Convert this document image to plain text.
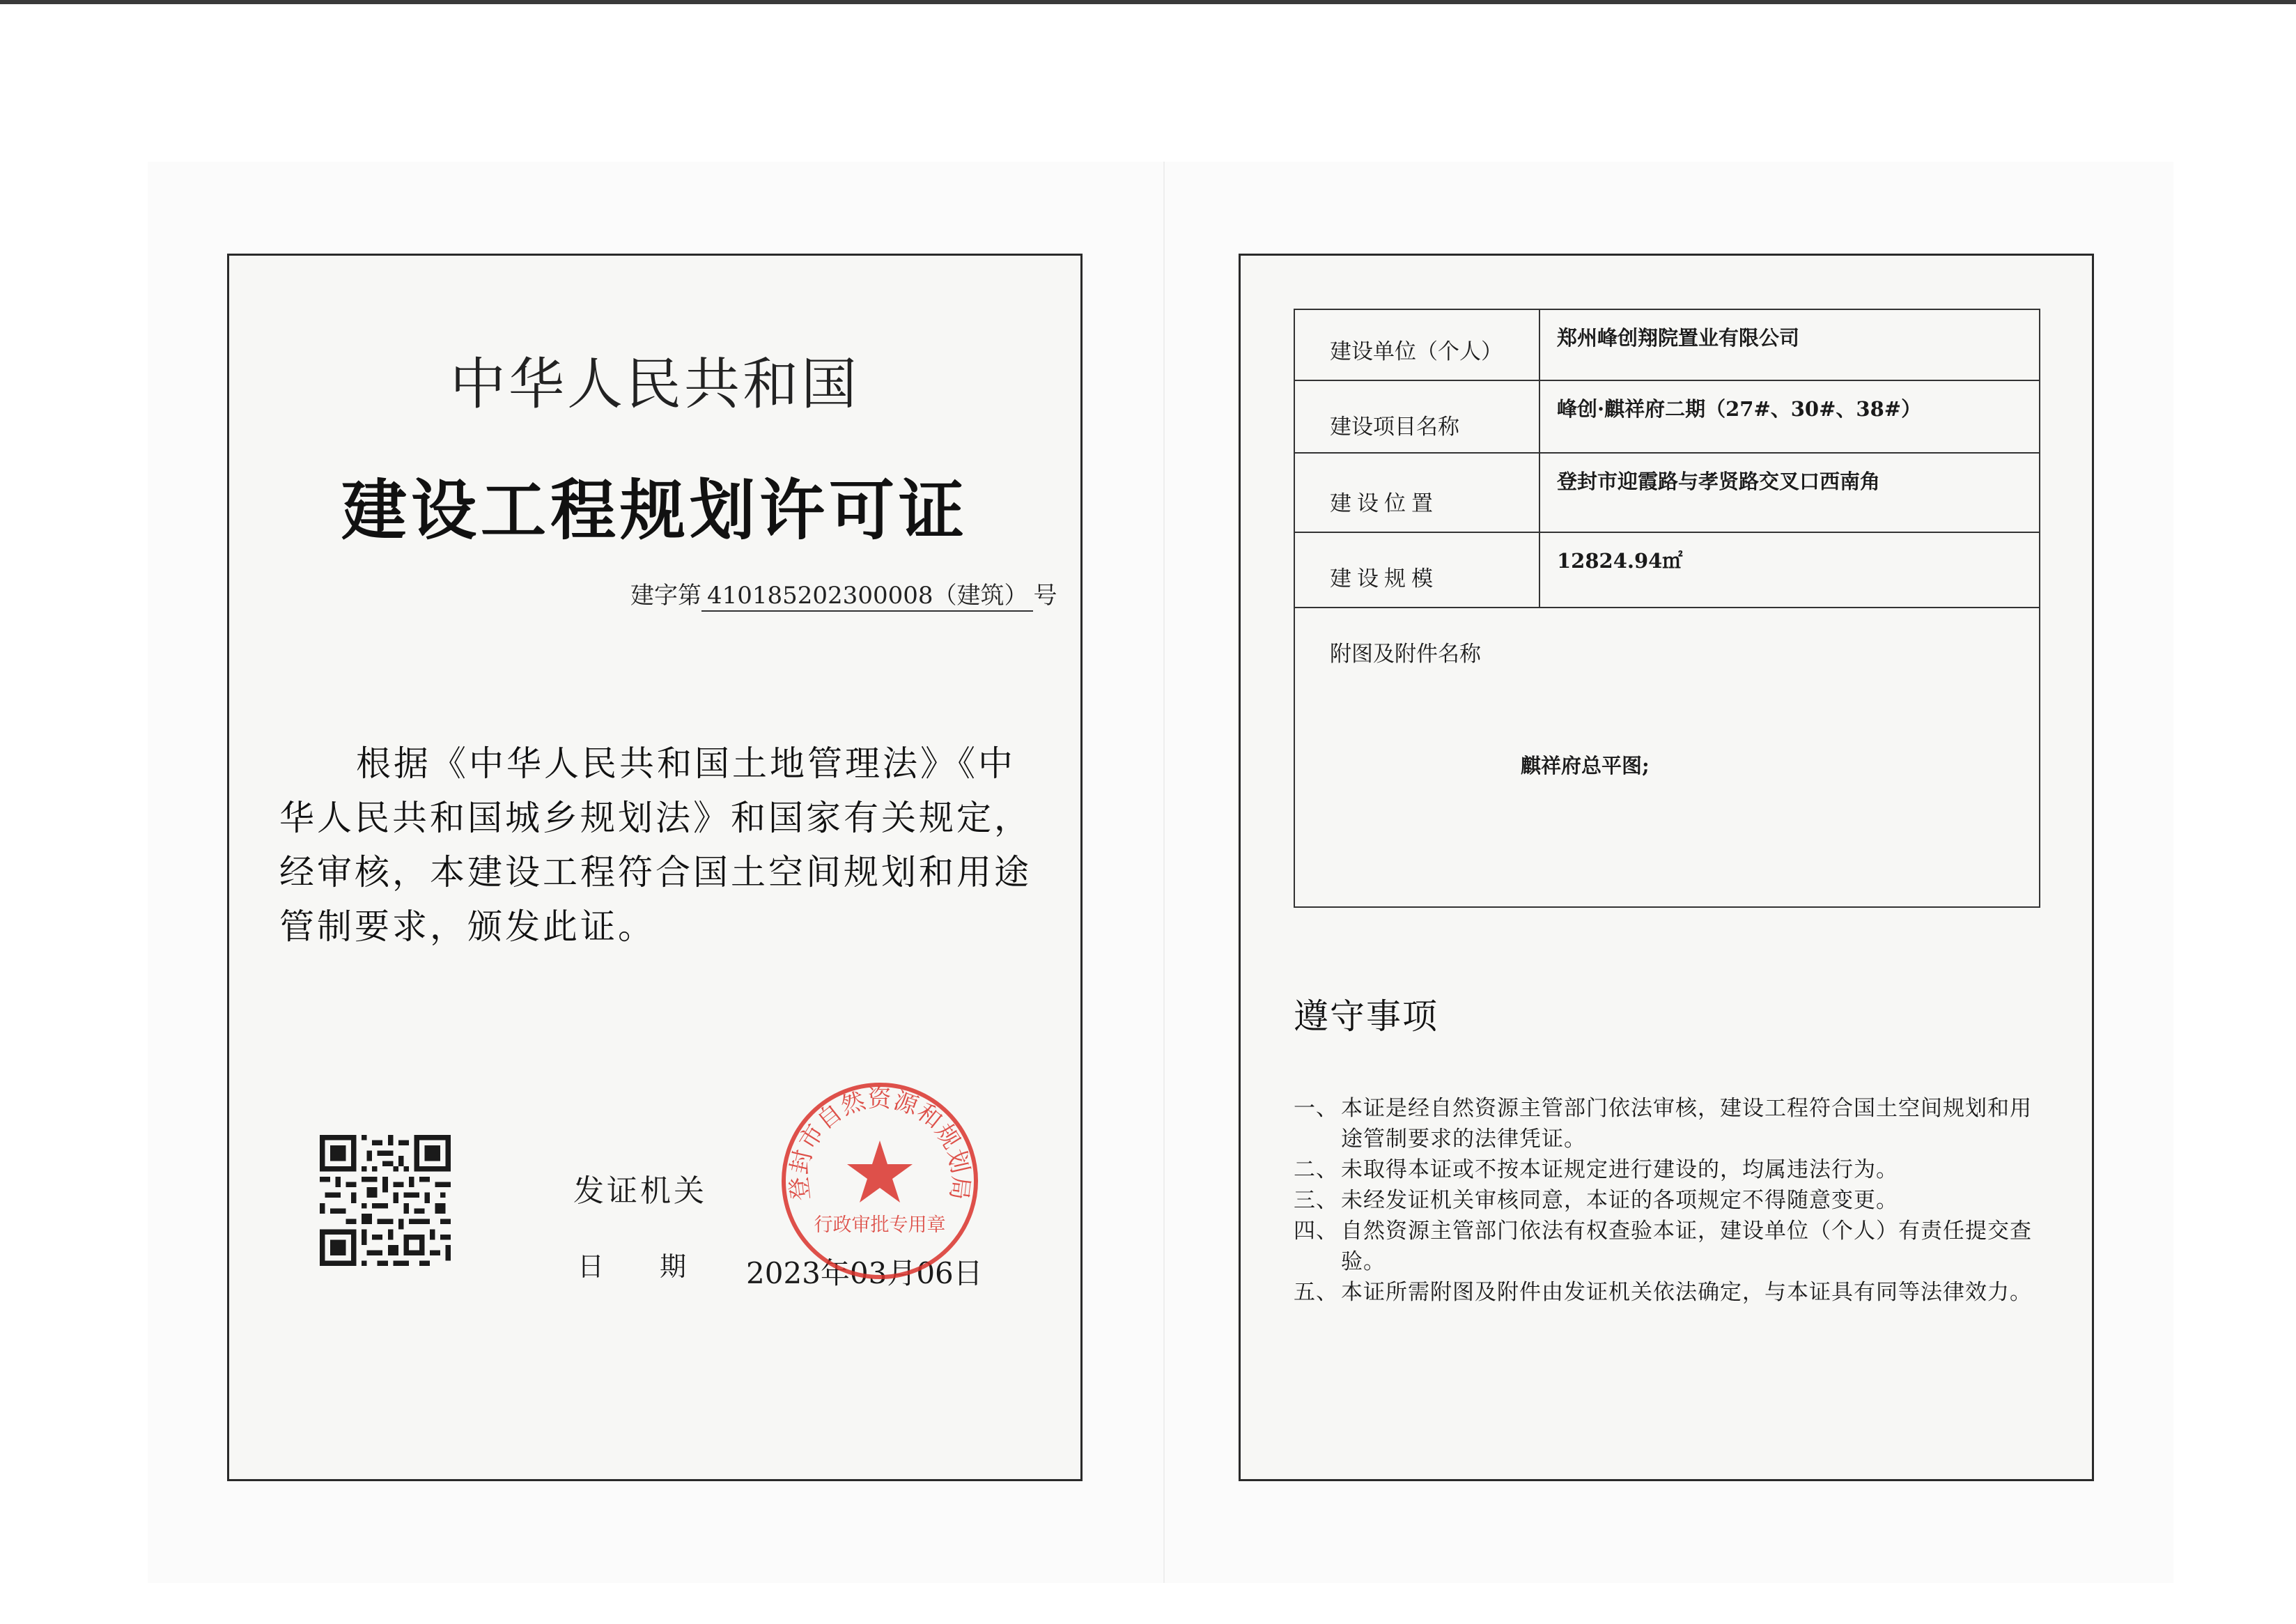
中华人民共和国
建设工程规划许可证
建字第 410185202300008（建筑） 号
根据《中华人民共和国土地管理法》《中华人民共和国城乡规划法》和国家有关规定，经审核，本建设工程符合国土空间规划和用途管制要求，颁发此证。
发证机关
日期 2023年03月06日
登封市自然资源和规划局
行政审批专用章
建设单位（个人）
郑州峰创翔院置业有限公司
建设项目名称
峰创·麒祥府二期（27#、30#、38#）
建设位置
登封市迎霞路与孝贤路交叉口西南角
建设规模
12824.94㎡
附图及附件名称
麒祥府总平图;
遵守事项
一、 本证是经自然资源主管部门依法审核，建设工程符合国土空间规划和用途管制要求的法律凭证。
二、 未取得本证或不按本证规定进行建设的，均属违法行为。
三、 未经发证机关审核同意，本证的各项规定不得随意变更。
四、 自然资源主管部门依法有权查验本证，建设单位（个人）有责任提交查验。
五、 本证所需附图及附件由发证机关依法确定，与本证具有同等法律效力。
